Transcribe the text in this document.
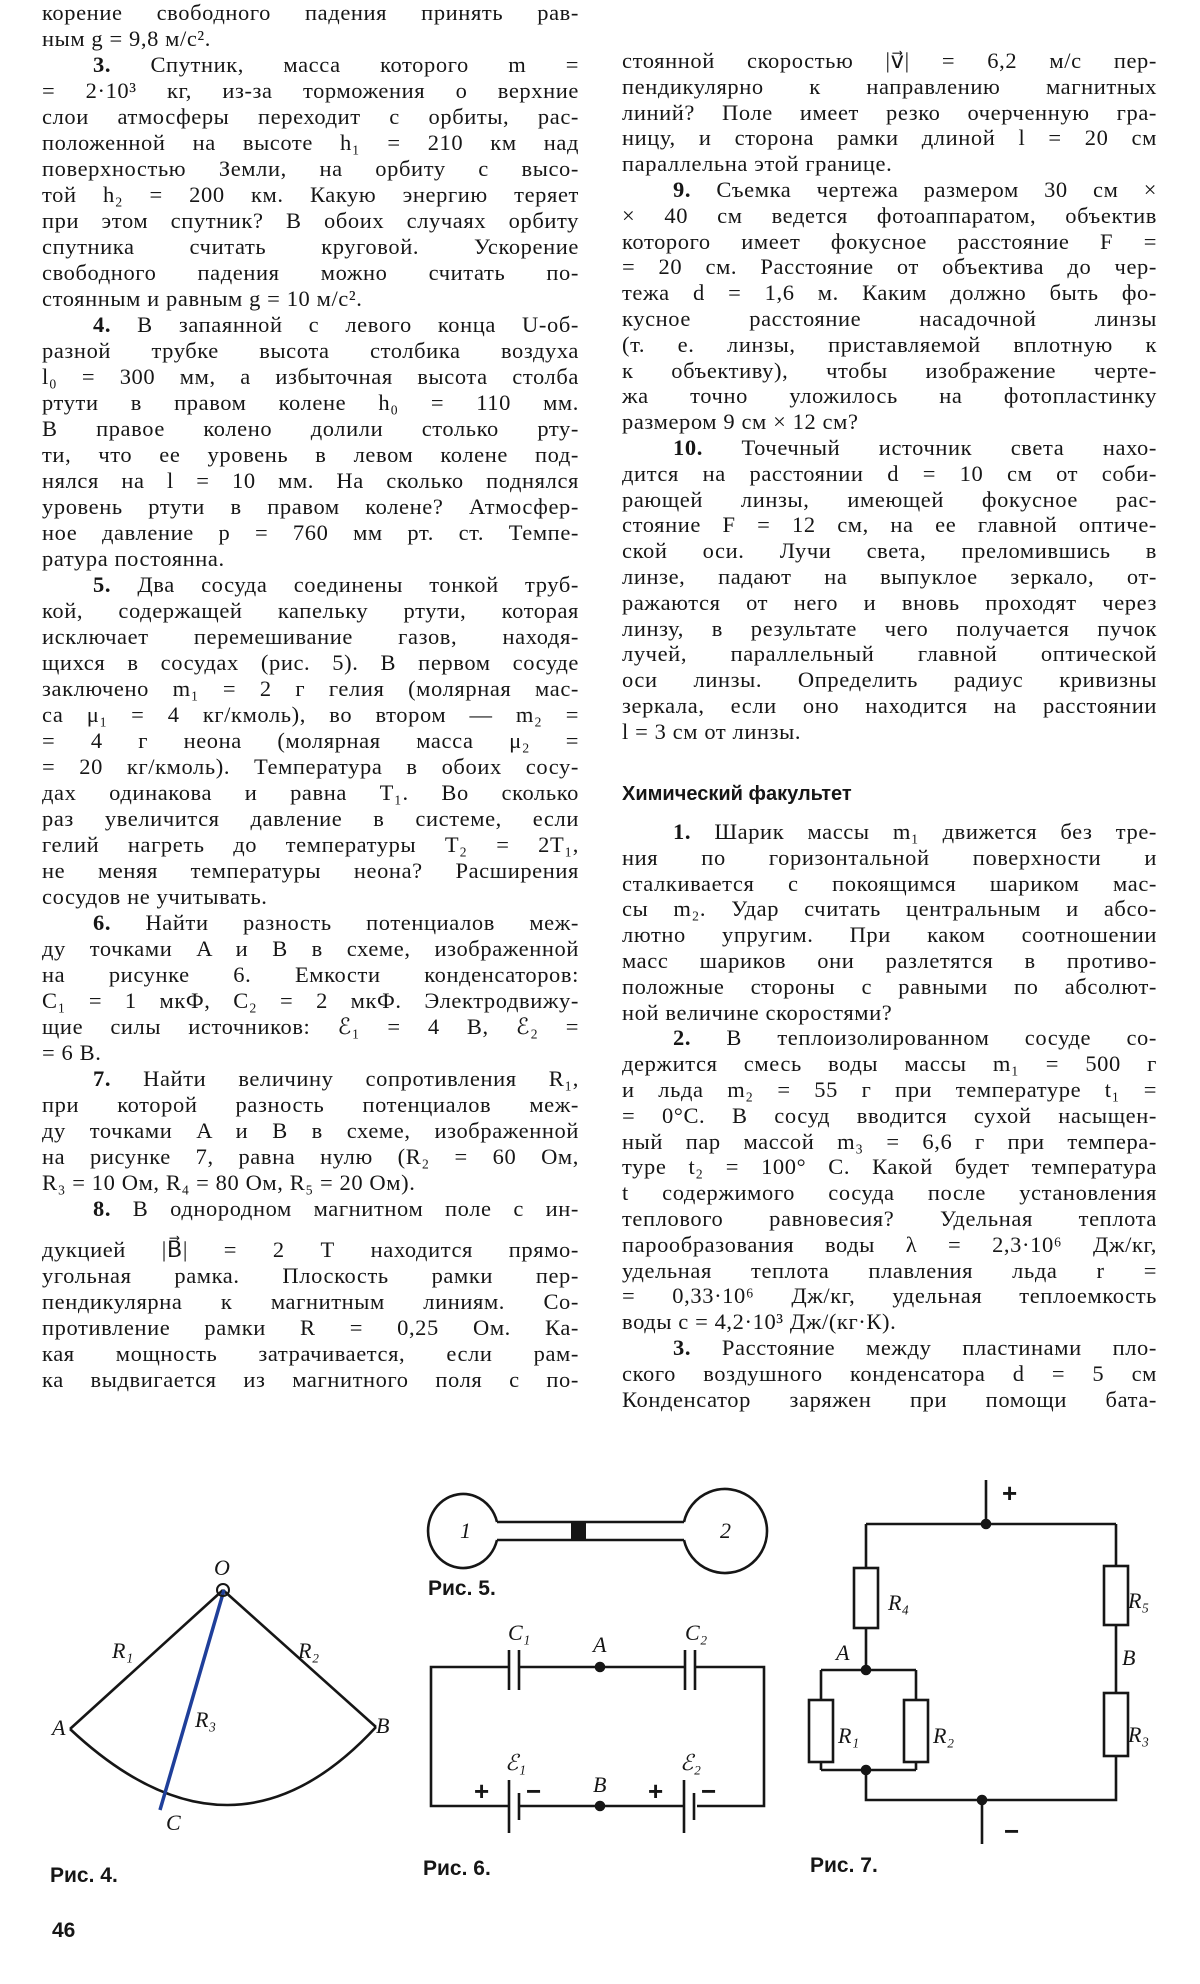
корение свободного падения принять рав-
ным g = 9,8 м/с².
3. Спутник, масса которого m =
= 2·10³ кг, из-за торможения о верхние
слои атмосферы переходит с орбиты, рас-
положенной на высоте h₁ = 210 км над
поверхностью Земли, на орбиту с высо-
той h₂ = 200 км. Какую энергию теряет
при этом спутник? В обоих случаях орбиту
спутника считать круговой. Ускорение
свободного падения можно считать по-
стоянным и равным g = 10 м/с².
4. В запаянной с левого конца U-об-
разной трубке высота столбика воздуха
l₀ = 300 мм, а избыточная высота столба
ртути в правом колене h₀ = 110 мм.
В правое колено долили столько рту-
ти, что ее уровень в левом колене под-
нялся на l = 10 мм. На сколько поднялся
уровень ртути в правом колене? Атмосфер-
ное давление p = 760 мм рт. ст. Темпе-
ратура постоянна.
5. Два сосуда соединены тонкой труб-
кой, содержащей капельку ртути, которая
исключает перемешивание газов, находя-
щихся в сосудах (рис. 5). В первом сосуде
заключено m₁ = 2 г гелия (молярная мас-
са μ₁ = 4 кг/кмоль), во втором — m₂ =
= 4 г неона (молярная масса μ₂ =
= 20 кг/кмоль). Температура в обоих сосу-
дах одинакова и равна T₁. Во сколько
раз увеличится давление в системе, если
гелий нагреть до температуры T₂ = 2T₁,
не меняя температуры неона? Расширения
сосудов не учитывать.
6. Найти разность потенциалов меж-
ду точками A и B в схеме, изображенной
на рисунке 6. Емкости конденсаторов:
C₁ = 1 мкФ, C₂ = 2 мкФ. Электродвижу-
щие силы источников: ℰ₁ = 4 В, ℰ₂ =
= 6 В.
7. Найти величину сопротивления R₁,
при которой разность потенциалов меж-
ду точками A и B в схеме, изображенной
на рисунке 7, равна нулю (R₂ = 60 Ом,
R₃ = 10 Ом, R₄ = 80 Ом, R₅ = 20 Ом).
8. В однородном магнитном поле с ин-
дукцией |B⃗| = 2 Т находится прямо-
угольная рамка. Плоскость рамки пер-
пендикулярна к магнитным линиям. Со-
противление рамки R = 0,25 Ом. Ка-
кая мощность затрачивается, если рам-
ка выдвигается из магнитного поля с по-
стоянной скоростью |v⃗| = 6,2 м/с пер-
пендикулярно к направлению магнитных
линий? Поле имеет резко очерченную гра-
ницу, и сторона рамки длиной l = 20 см
параллельна этой границе.
9. Съемка чертежа размером 30 см ×
× 40 см ведется фотоаппаратом, объектив
которого имеет фокусное расстояние F =
= 20 см. Расстояние от объектива до чер-
тежа d = 1,6 м. Каким должно быть фо-
кусное расстояние насадочной линзы
(т. е. линзы, приставляемой вплотную к
к объективу), чтобы изображение черте-
жа точно уложилось на фотопластинку
размером 9 см × 12 см?
10. Точечный источник света нахо-
дится на расстоянии d = 10 см от соби-
рающей линзы, имеющей фокусное рас-
стояние F = 12 см, на ее главной оптиче-
ской оси. Лучи света, преломившись в
линзе, падают на выпуклое зеркало, от-
ражаются от него и вновь проходят через
линзу, в результате чего получается пучок
лучей, параллельный главной оптической
оси линзы. Определить радиус кривизны
зеркала, если оно находится на расстоянии
l = 3 см от линзы.
Химический факультет
1. Шарик массы m₁ движется без тре-
ния по горизонтальной поверхности и
сталкивается с покоящимся шариком мас-
сы m₂. Удар считать центральным и абсо-
лютно упругим. При каком соотношении
масс шариков они разлетятся в противо-
положные стороны с равными по абсолют-
ной величине скоростями?
2. В теплоизолированном сосуде со-
держится смесь воды массы m₁ = 500 г
и льда m₂ = 55 г при температуре t₁ =
= 0°C. В сосуд вводится сухой насыщен-
ный пар массой m₃ = 6,6 г при темпера-
туре t₂ = 100° C. Какой будет температура
t содержимого сосуда после установления
теплового равновесия? Удельная теплота
парообразования воды λ = 2,3·10⁶ Дж/кг,
удельная теплота плавления льда r =
= 0,33·10⁶ Дж/кг, удельная теплоемкость
воды c = 4,2·10³ Дж/(кг·К).
3. Расстояние между пластинами пло-
ского воздушного конденсатора d = 5 см
Конденсатор заряжен при помощи бата-
O
R₁	R₂
R₃
A	B
C
Рис. 4.
1	2
Рис. 5.
C₁	C₂
A
B
ℰ₁	ℰ₂
+ −	+ −
Рис. 6.
+
−
R₄	R₅
R₁	R₂	R₃
A	B
Рис. 7.
46
